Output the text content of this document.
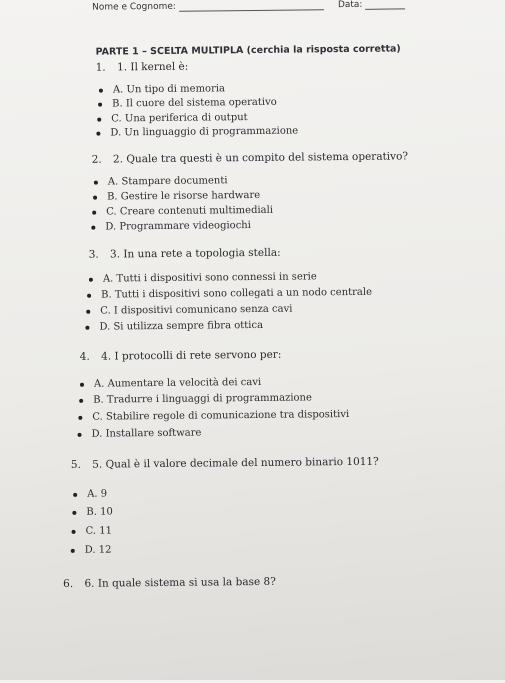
Nome e Cognome:	Data:
PARTE 1 – SCELTA MULTIPLA (cerchia la risposta corretta)
1. 1. Il kernel è:
A. Un tipo di memoria
B. Il cuore del sistema operativo
C. Una periferica di output
D. Un linguaggio di programmazione
2. 2. Quale tra questi è un compito del sistema operativo?
A. Stampare documenti
B. Gestire le risorse hardware
C. Creare contenuti multimediali
D. Programmare videogiochi
3. 3. In una rete a topologia stella:
A. Tutti i dispositivi sono connessi in serie
B. Tutti i dispositivi sono collegati a un nodo centrale
C. I dispositivi comunicano senza cavi
D. Si utilizza sempre fibra ottica
4. 4. I protocolli di rete servono per:
A. Aumentare la velocità dei cavi
B. Tradurre i linguaggi di programmazione
C. Stabilire regole di comunicazione tra dispositivi
D. Installare software
5. 5. Qual è il valore decimale del numero binario 1011?
A. 9
B. 10
C. 11
D. 12
6. 6. In quale sistema si usa la base 8?
